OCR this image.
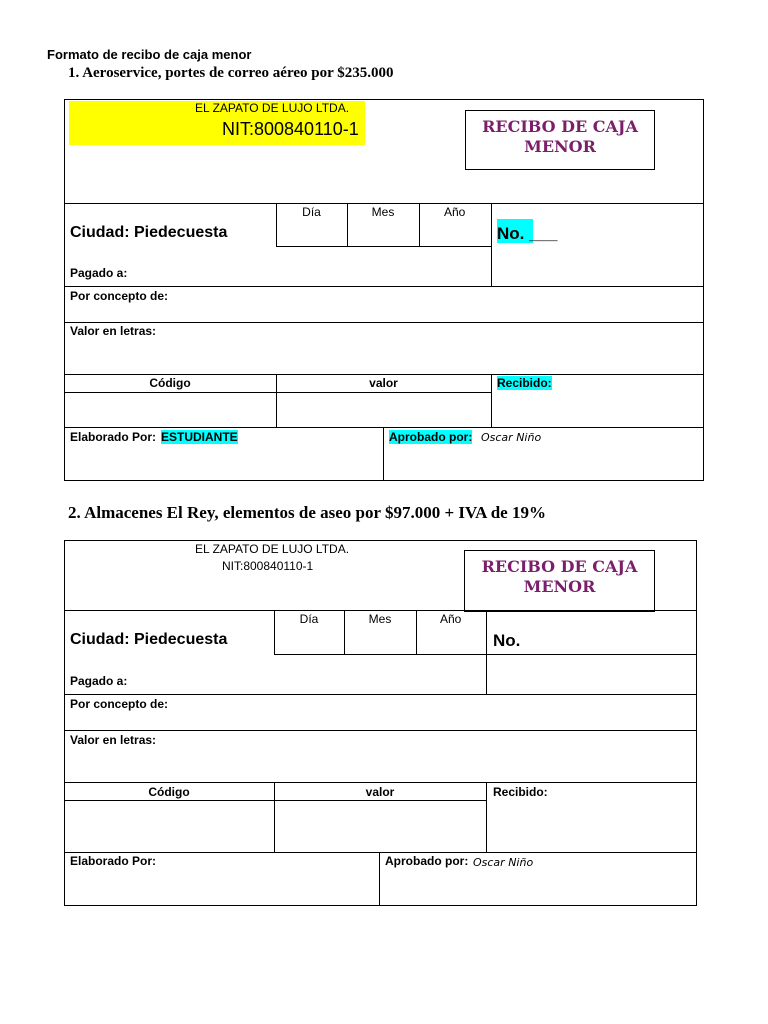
Formato de recibo de caja menor
1. Aeroservice, portes de correo aéreo por $235.000
EL ZAPATO DE LUJO LTDA.
NIT:800840110-1	RECIBO DE CAJA
MENOR
Ciudad: Piedecuesta
Día	Mes	Año
No. ___
Pagado a:
Por concepto de:
Valor en letras:
Código	valor	Recibido:
Elaborado Por: ESTUDIANTE	Aprobado por: Oscar Niño
2. Almacenes El Rey, elementos de aseo por $97.000 + IVA de 19%
EL ZAPATO DE LUJO LTDA.
NIT:800840110-1	RECIBO DE CAJA
MENOR
Ciudad: Piedecuesta
Día	Mes	Año
No.
Pagado a:
Por concepto de:
Valor en letras:
Código	valor	Recibido:
Elaborado Por:	Aprobado por: Oscar Niño
